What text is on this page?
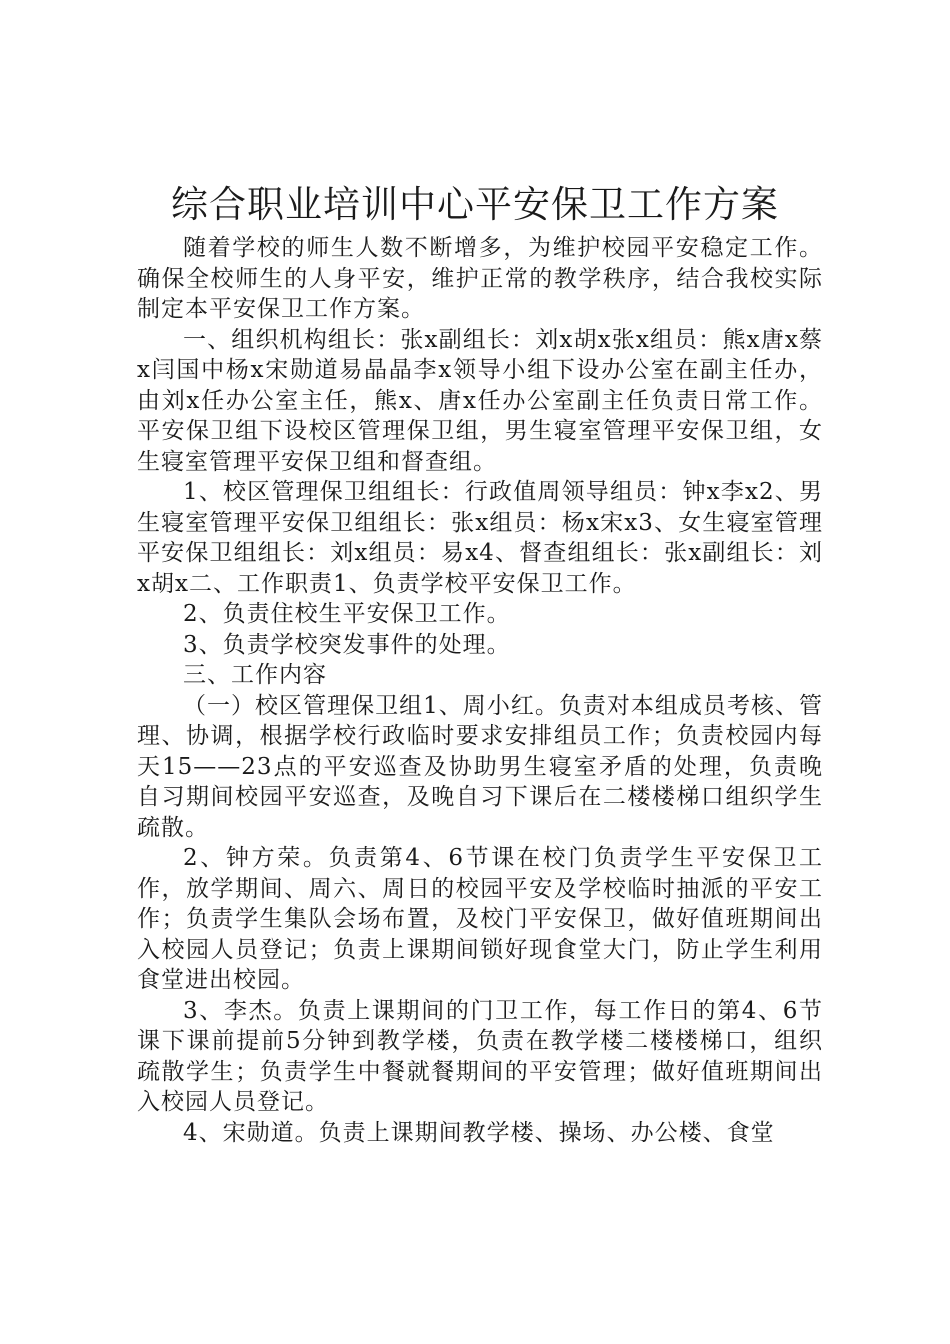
综合职业培训中心平安保卫工作方案

随着学校的师生人数不断增多，为维护校园平安稳定工作。确保全校师生的人身平安，维护正常的教学秩序，结合我校实际制定本平安保卫工作方案。

一、组织机构组长：张x副组长：刘x胡x张x组员：熊x唐x蔡x闫国中杨x宋勋道易晶晶李x领导小组下设办公室在副主任办，由刘x任办公室主任，熊x、唐x任办公室副主任负责日常工作。平安保卫组下设校区管理保卫组，男生寝室管理平安保卫组，女生寝室管理平安保卫组和督查组。

1、校区管理保卫组组长：行政值周领导组员：钟x李x2、男生寝室管理平安保卫组组长：张x组员：杨x宋x3、女生寝室管理平安保卫组组长：刘x组员：易x4、督查组组长：张x副组长：刘x胡x二、工作职责1、负责学校平安保卫工作。

2、负责住校生平安保卫工作。

3、负责学校突发事件的处理。

三、工作内容

（一）校区管理保卫组1、周小红。负责对本组成员考核、管理、协调，根据学校行政临时要求安排组员工作；负责校园内每天15——23点的平安巡查及协助男生寝室矛盾的处理，负责晚自习期间校园平安巡查，及晚自习下课后在二楼楼梯口组织学生疏散。

2、钟方荣。负责第4、6节课在校门负责学生平安保卫工作，放学期间、周六、周日的校园平安及学校临时抽派的平安工作；负责学生集队会场布置，及校门平安保卫，做好值班期间出入校园人员登记；负责上课期间锁好现食堂大门，防止学生利用食堂进出校园。

3、李杰。负责上课期间的门卫工作，每工作日的第4、6节课下课前提前5分钟到教学楼，负责在教学楼二楼楼梯口，组织疏散学生；负责学生中餐就餐期间的平安管理；做好值班期间出入校园人员登记。

4、宋勋道。负责上课期间教学楼、操场、办公楼、食堂
